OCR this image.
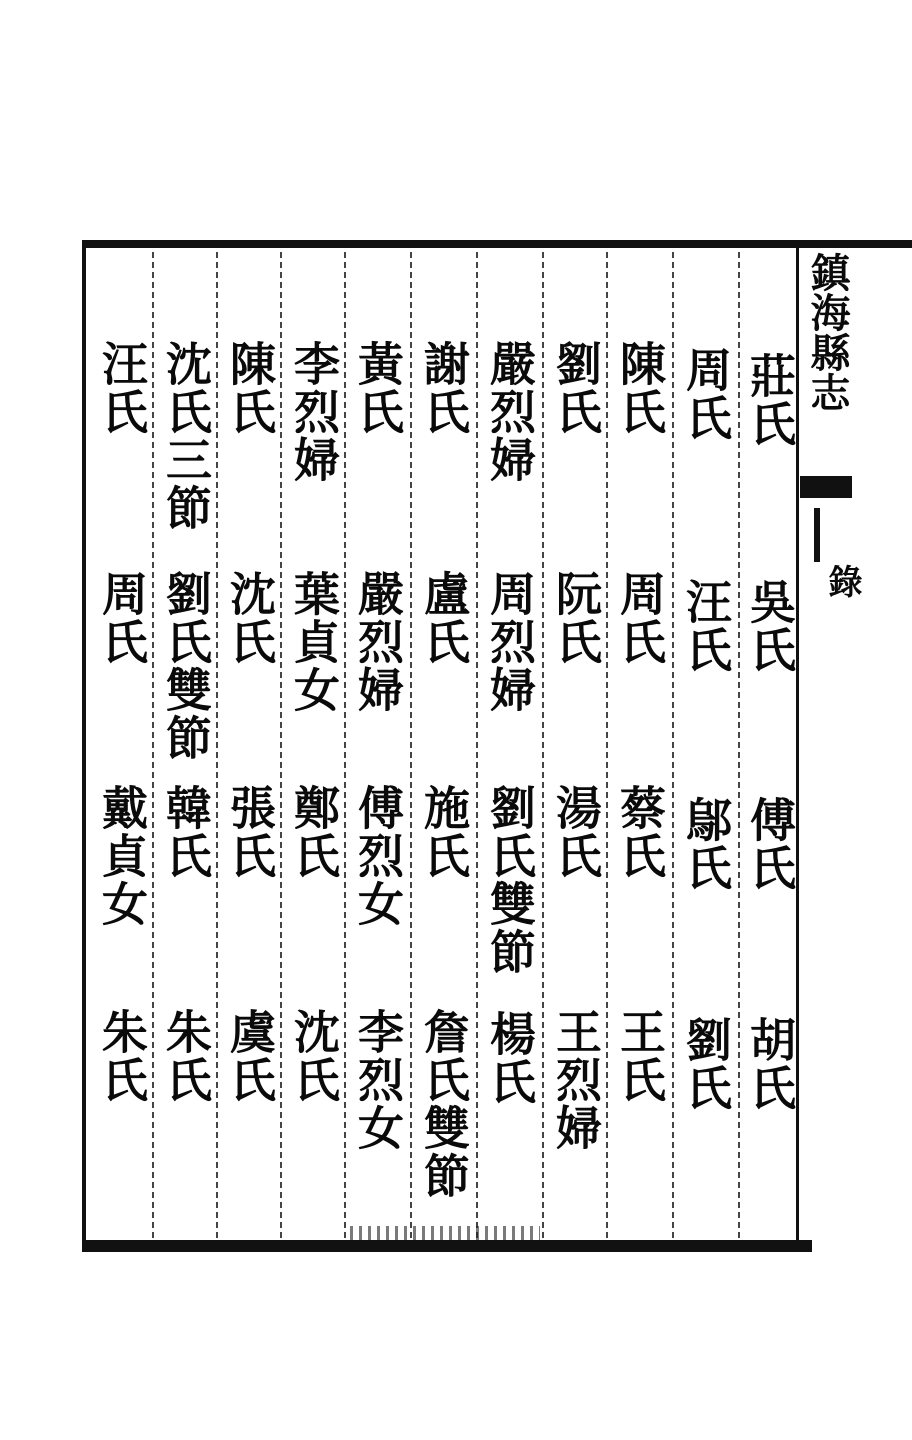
鎮海縣志
錄
莊氏
吳氏
傅氏
胡氏
周氏
汪氏
鄔氏
劉氏
陳氏
周氏
蔡氏
王氏
劉氏
阮氏
湯氏
王烈婦
嚴烈婦
周烈婦
劉氏雙節
楊氏
謝氏
盧氏
施氏
詹氏雙節
黃氏
嚴烈婦
傅烈女
李烈女
李烈婦
葉貞女
鄭氏
沈氏
陳氏
沈氏
張氏
虞氏
沈氏三節
劉氏雙節
韓氏
朱氏
汪氏
周氏
戴貞女
朱氏
